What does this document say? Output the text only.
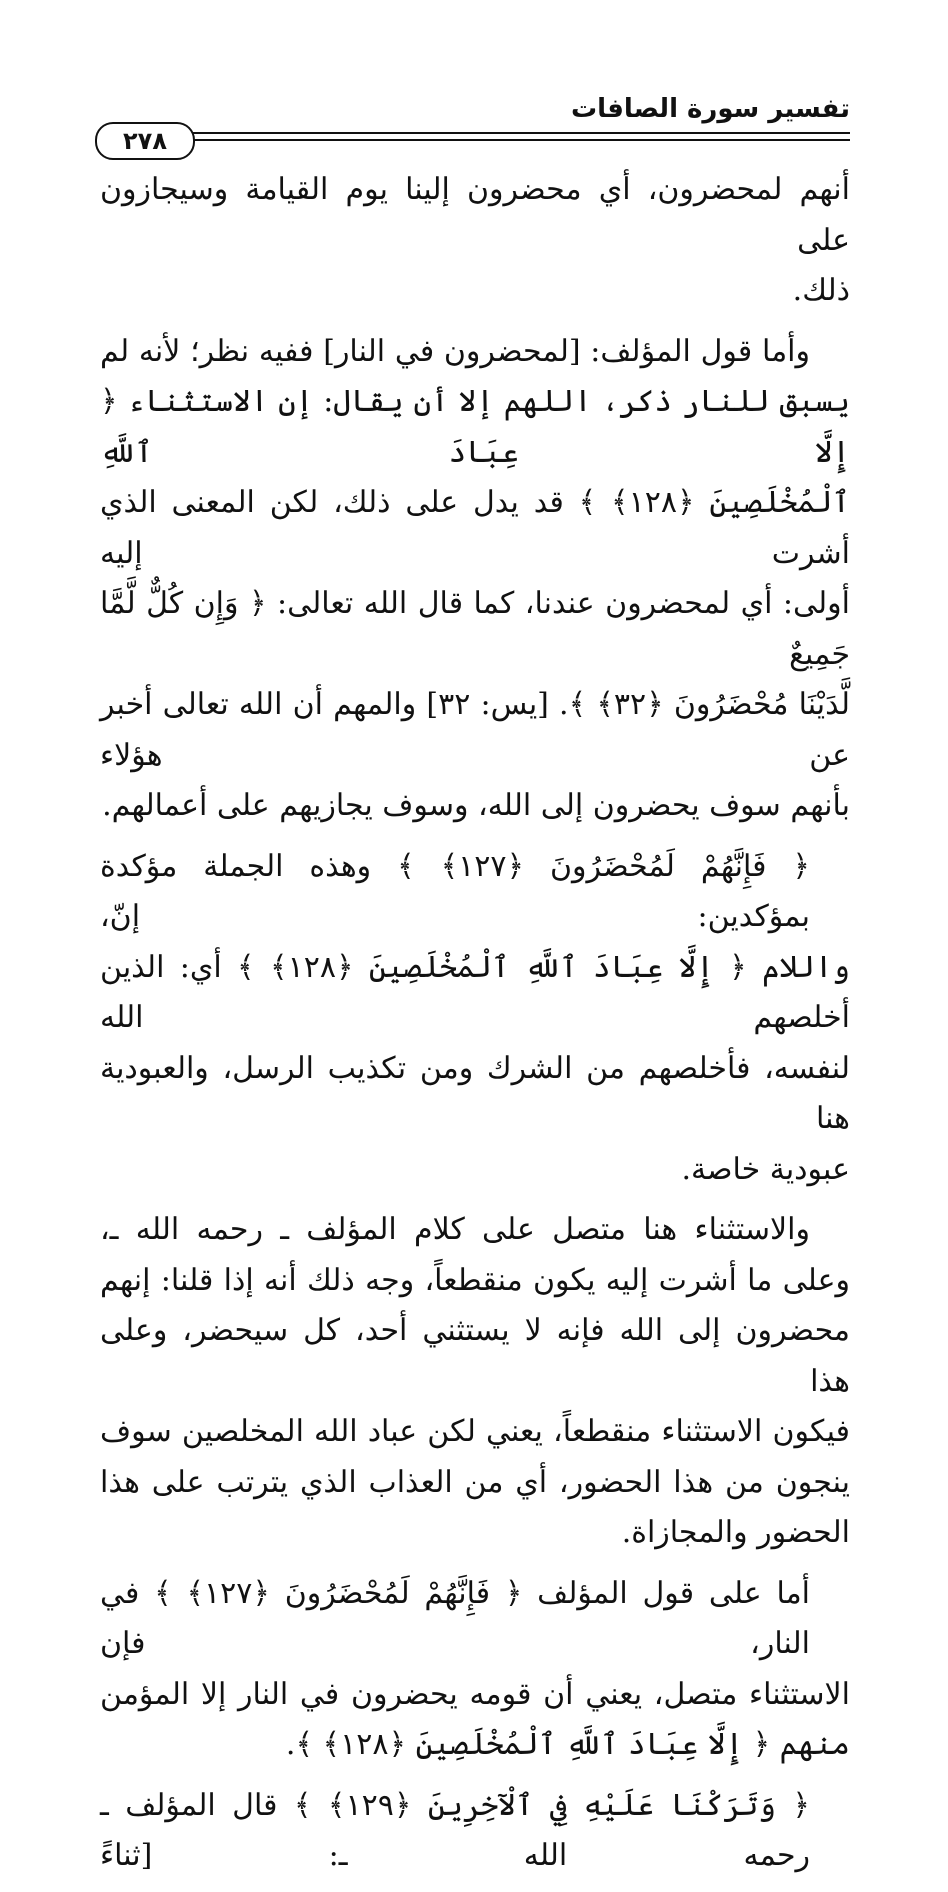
تفسير سورة الصافات
٢٧٨

أنهم لمحضرون، أي محضرون إلينا يوم القيامة وسيجازون على
ذلك.

وأما قول المؤلف: [لمحضرون في النار] ففيه نظر؛ لأنه لم
يسبق للنار ذكر، اللهم إلا أن يقال: إن الاستثناء ﴿ إِلَّا عِبَادَ ٱللَّهِ
ٱلْمُخْلَصِينَ ﴿١٢٨﴾ ﴾ قد يدل على ذلك، لكن المعنى الذي أشرت إليه
أولى: أي لمحضرون عندنا، كما قال الله تعالى: ﴿ وَإِن كُلٌّ لَّمَّا جَمِيعٌ
لَّدَيْنَا مُحْضَرُونَ ﴿٣٢﴾ ﴾. [يس: ٣٢] والمهم أن الله تعالى أخبر عن هؤلاء
بأنهم سوف يحضرون إلى الله، وسوف يجازيهم على أعمالهم.

﴿ فَإِنَّهُمْ لَمُحْضَرُونَ ﴿١٢٧﴾ ﴾ وهذه الجملة مؤكدة بمؤكدين: إنّ،
واللام ﴿ إِلَّا عِبَادَ ٱللَّهِ ٱلْمُخْلَصِينَ ﴿١٢٨﴾ ﴾ أي: الذين أخلصهم الله
لنفسه، فأخلصهم من الشرك ومن تكذيب الرسل، والعبودية هنا
عبودية خاصة.

والاستثناء هنا متصل على كلام المؤلف ـ رحمه الله ـ،
وعلى ما أشرت إليه يكون منقطعاً، وجه ذلك أنه إذا قلنا: إنهم
محضرون إلى الله فإنه لا يستثني أحد، كل سيحضر، وعلى هذا
فيكون الاستثناء منقطعاً، يعني لكن عباد الله المخلصين سوف
ينجون من هذا الحضور، أي من العذاب الذي يترتب على هذا
الحضور والمجازاة.

أما على قول المؤلف ﴿ فَإِنَّهُمْ لَمُحْضَرُونَ ﴿١٢٧﴾ ﴾ في النار، فإن
الاستثناء متصل، يعني أن قومه يحضرون في النار إلا المؤمن
منهم ﴿ إِلَّا عِبَادَ ٱللَّهِ ٱلْمُخْلَصِينَ ﴿١٢٨﴾ ﴾.

﴿ وَتَرَكْنَا عَلَيْهِ فِي ٱلْآخِرِينَ ﴿١٢٩﴾ ﴾ قال المؤلف ـ رحمه الله ـ: [ثناءً
